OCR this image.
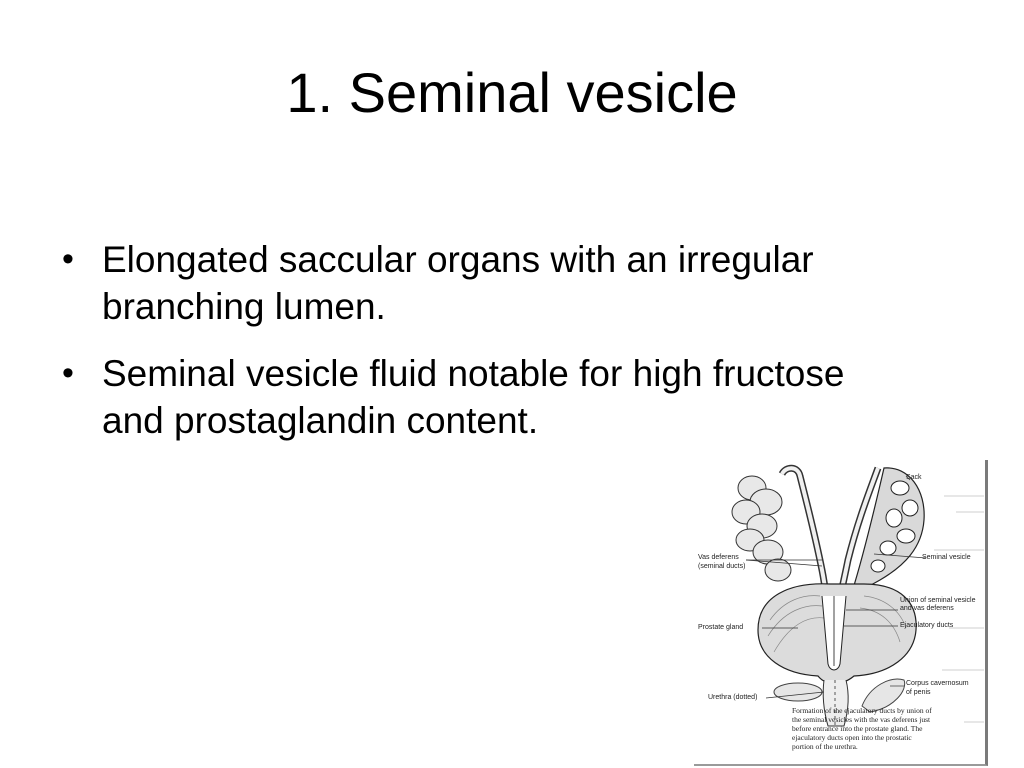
1. Seminal vesicle
• Elongated saccular organs with an irregular branching lumen.
• Seminal vesicle fluid notable for high fructose and prostaglandin content.
Sack
Seminal vesicle
Vas deferens
(seminal ducts)
Union of seminal vesicle
and vas deferens
Prostate gland	Ejaculatory ducts
Corpus cavernosum
of penis
Urethra (dotted)
Formation of the ejaculatory ducts by union of the seminal vesicles with the vas deferens just before entrance into the prostate gland. The ejaculatory ducts open into the prostatic portion of the urethra.
